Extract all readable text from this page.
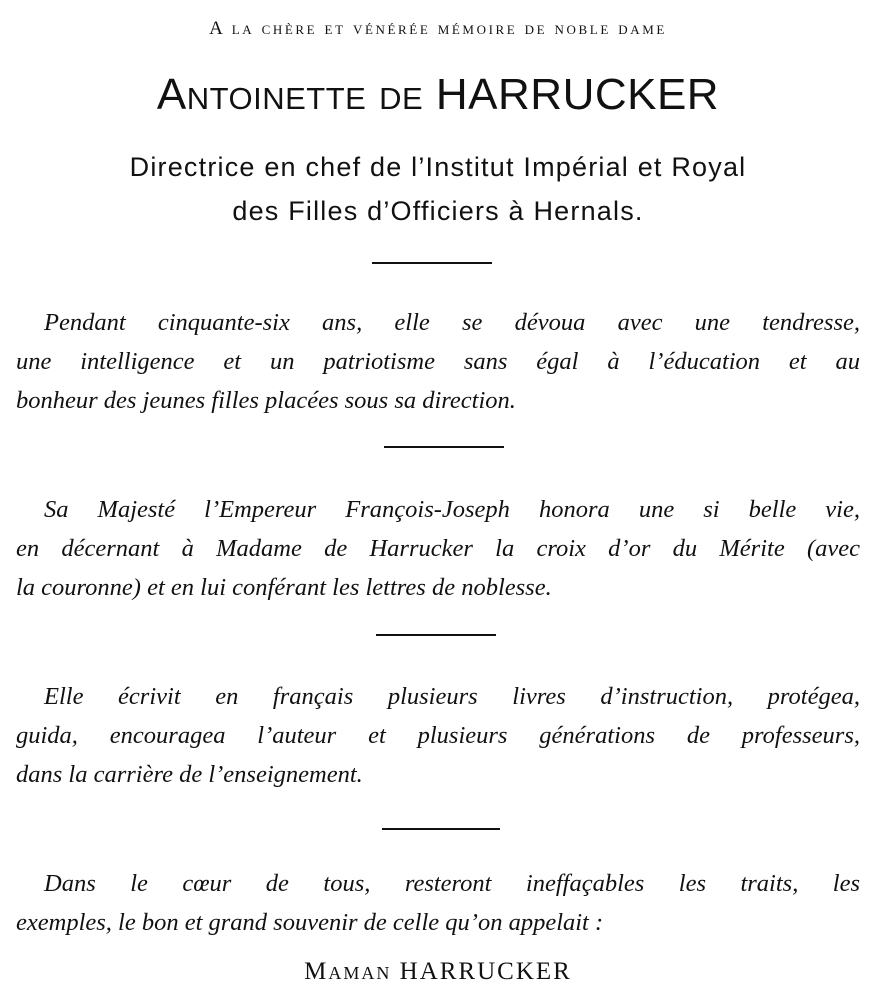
A la chère et vénérée mémoire de noble dame
Antoinette de HARRUCKER
Directrice en chef de l’Institut Impérial et Royal
des Filles d’Officiers à Hernals.
Pendant cinquante-six ans, elle se dévoua avec une tendresse,
une intelligence et un patriotisme sans égal à l’éducation et au
bonheur des jeunes filles placées sous sa direction.
Sa Majesté l’Empereur François-Joseph honora une si belle vie,
en décernant à Madame de Harrucker la croix d’or du Mérite (avec
la couronne) et en lui conférant les lettres de noblesse.
Elle écrivit en français plusieurs livres d’instruction, protégea,
guida, encouragea l’auteur et plusieurs générations de professeurs,
dans la carrière de l’enseignement.
Dans le cœur de tous, resteront ineffaçables les traits, les
exemples, le bon et grand souvenir de celle qu’on appelait :
Maman HARRUCKER
